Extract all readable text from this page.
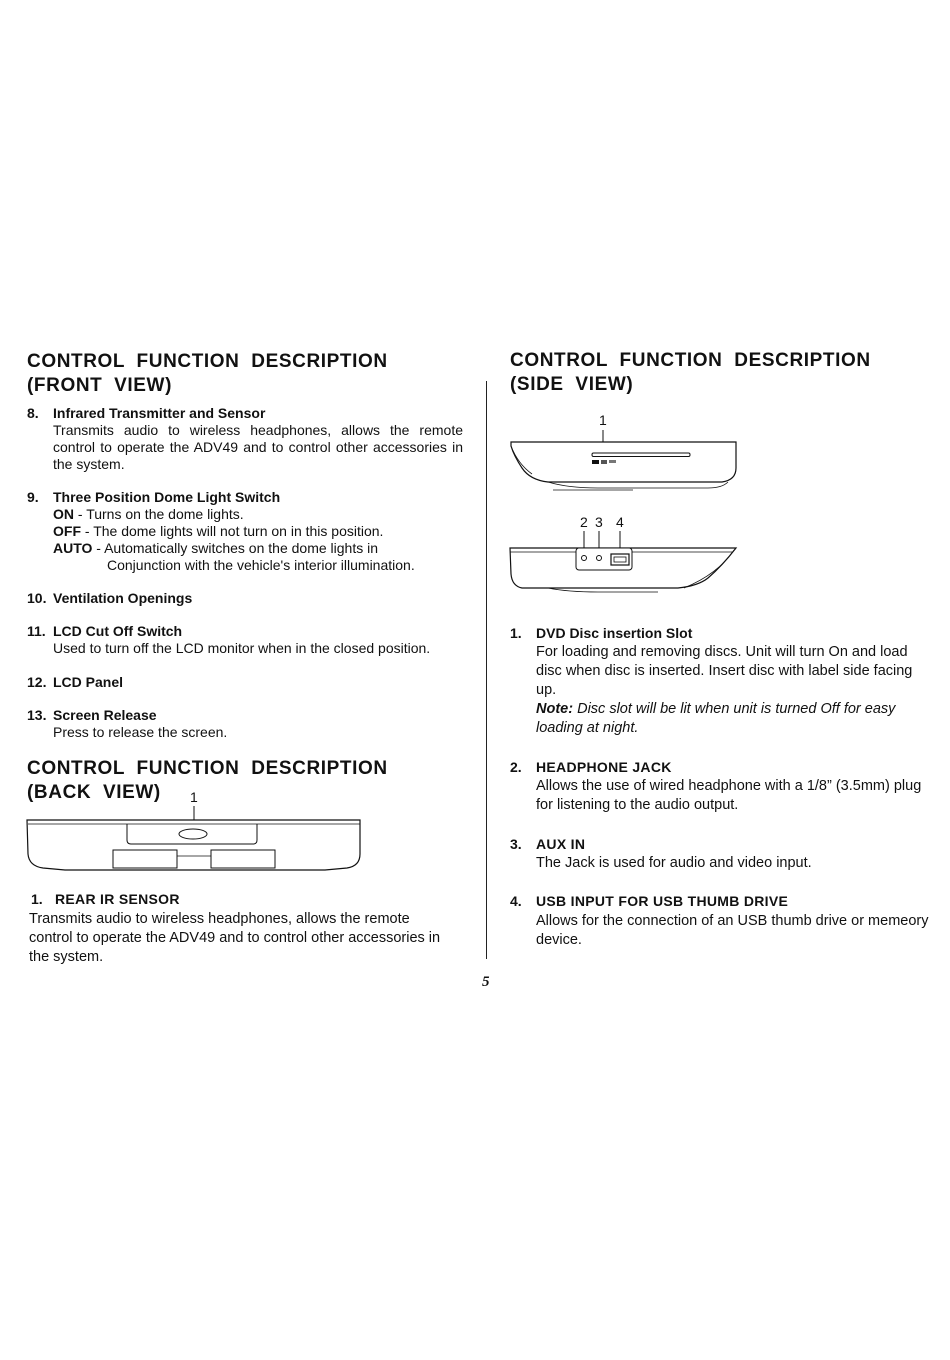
CONTROL  FUNCTION  DESCRIPTION
(FRONT  VIEW)
8. Infrared Transmitter and Sensor
Transmits audio to wireless headphones, allows the remote control to operate the ADV49 and to control other accessories in the system.
9. Three Position Dome Light Switch
ON - Turns on the dome lights.
OFF - The dome lights will not turn on in this position.
AUTO - Automatically switches on the dome lights in
Conjunction with the vehicle's interior illumination.
10. Ventilation Openings
11. LCD Cut Off Switch
Used to turn off the LCD monitor when in the closed position.
12. LCD Panel
13. Screen Release
Press to release the screen.
CONTROL  FUNCTION  DESCRIPTION
(BACK  VIEW)	1
1. REAR IR SENSOR
Transmits audio to wireless headphones, allows the remote
control to operate the ADV49 and to control other accessories in
the system.
CONTROL  FUNCTION  DESCRIPTION
(SIDE  VIEW)
1
2 3 4
1. DVD Disc insertion Slot
For loading and removing discs. Unit will turn On and load
disc when disc is inserted. Insert disc with label side facing
up.
Note: Disc slot will be lit when unit is turned Off for easy
loading at night.
2. HEADPHONE JACK
Allows the use of wired headphone with a 1/8” (3.5mm) plug
for listening to the audio output.
3. AUX IN
The Jack is used for audio and video input.
4. USB INPUT FOR USB THUMB DRIVE
Allows for the connection of an USB thumb drive or memeory
device.
5
